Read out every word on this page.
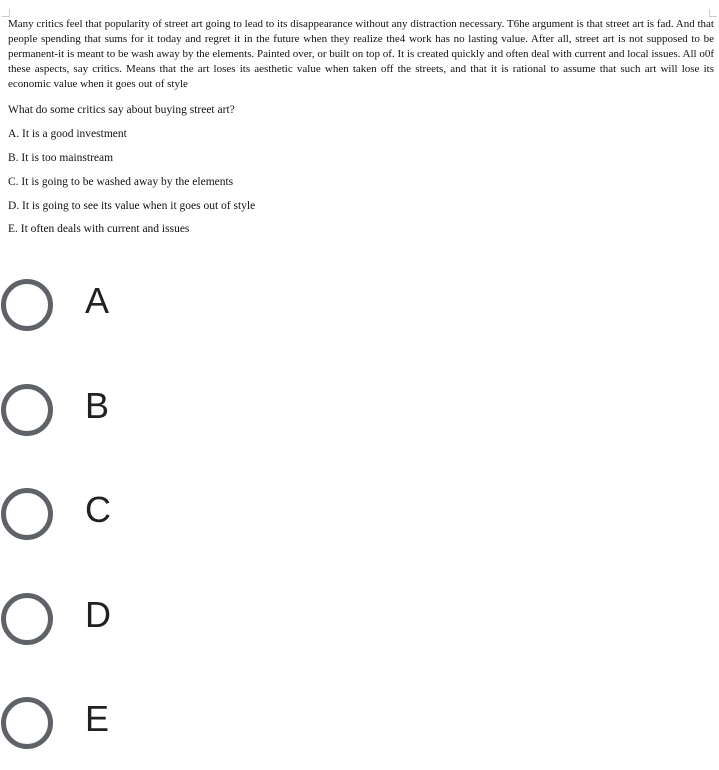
Many critics feel that popularity of street art going to lead to its disappearance without any distraction necessary. T6he argument is that street art is fad. And that people spending that sums for it today and regret it in the future when they realize the4 work has no lasting value. After all, street art is not supposed to be permanent-it is meant to be wash away by the elements. Painted over, or built on top of. It is created quickly and often deal with current and local issues. All o0f these aspects, say critics. Means that the art loses its aesthetic value when taken off the streets, and that it is rational to assume that such art will lose its economic value when it goes out of style

What do some critics say about buying street art?

A. It is a good investment

B. It is too mainstream

C. It is going to be washed away by the elements

D. It is going to see its value when it goes out of style

E. It often deals with current and issues

A
B
C
D
E
